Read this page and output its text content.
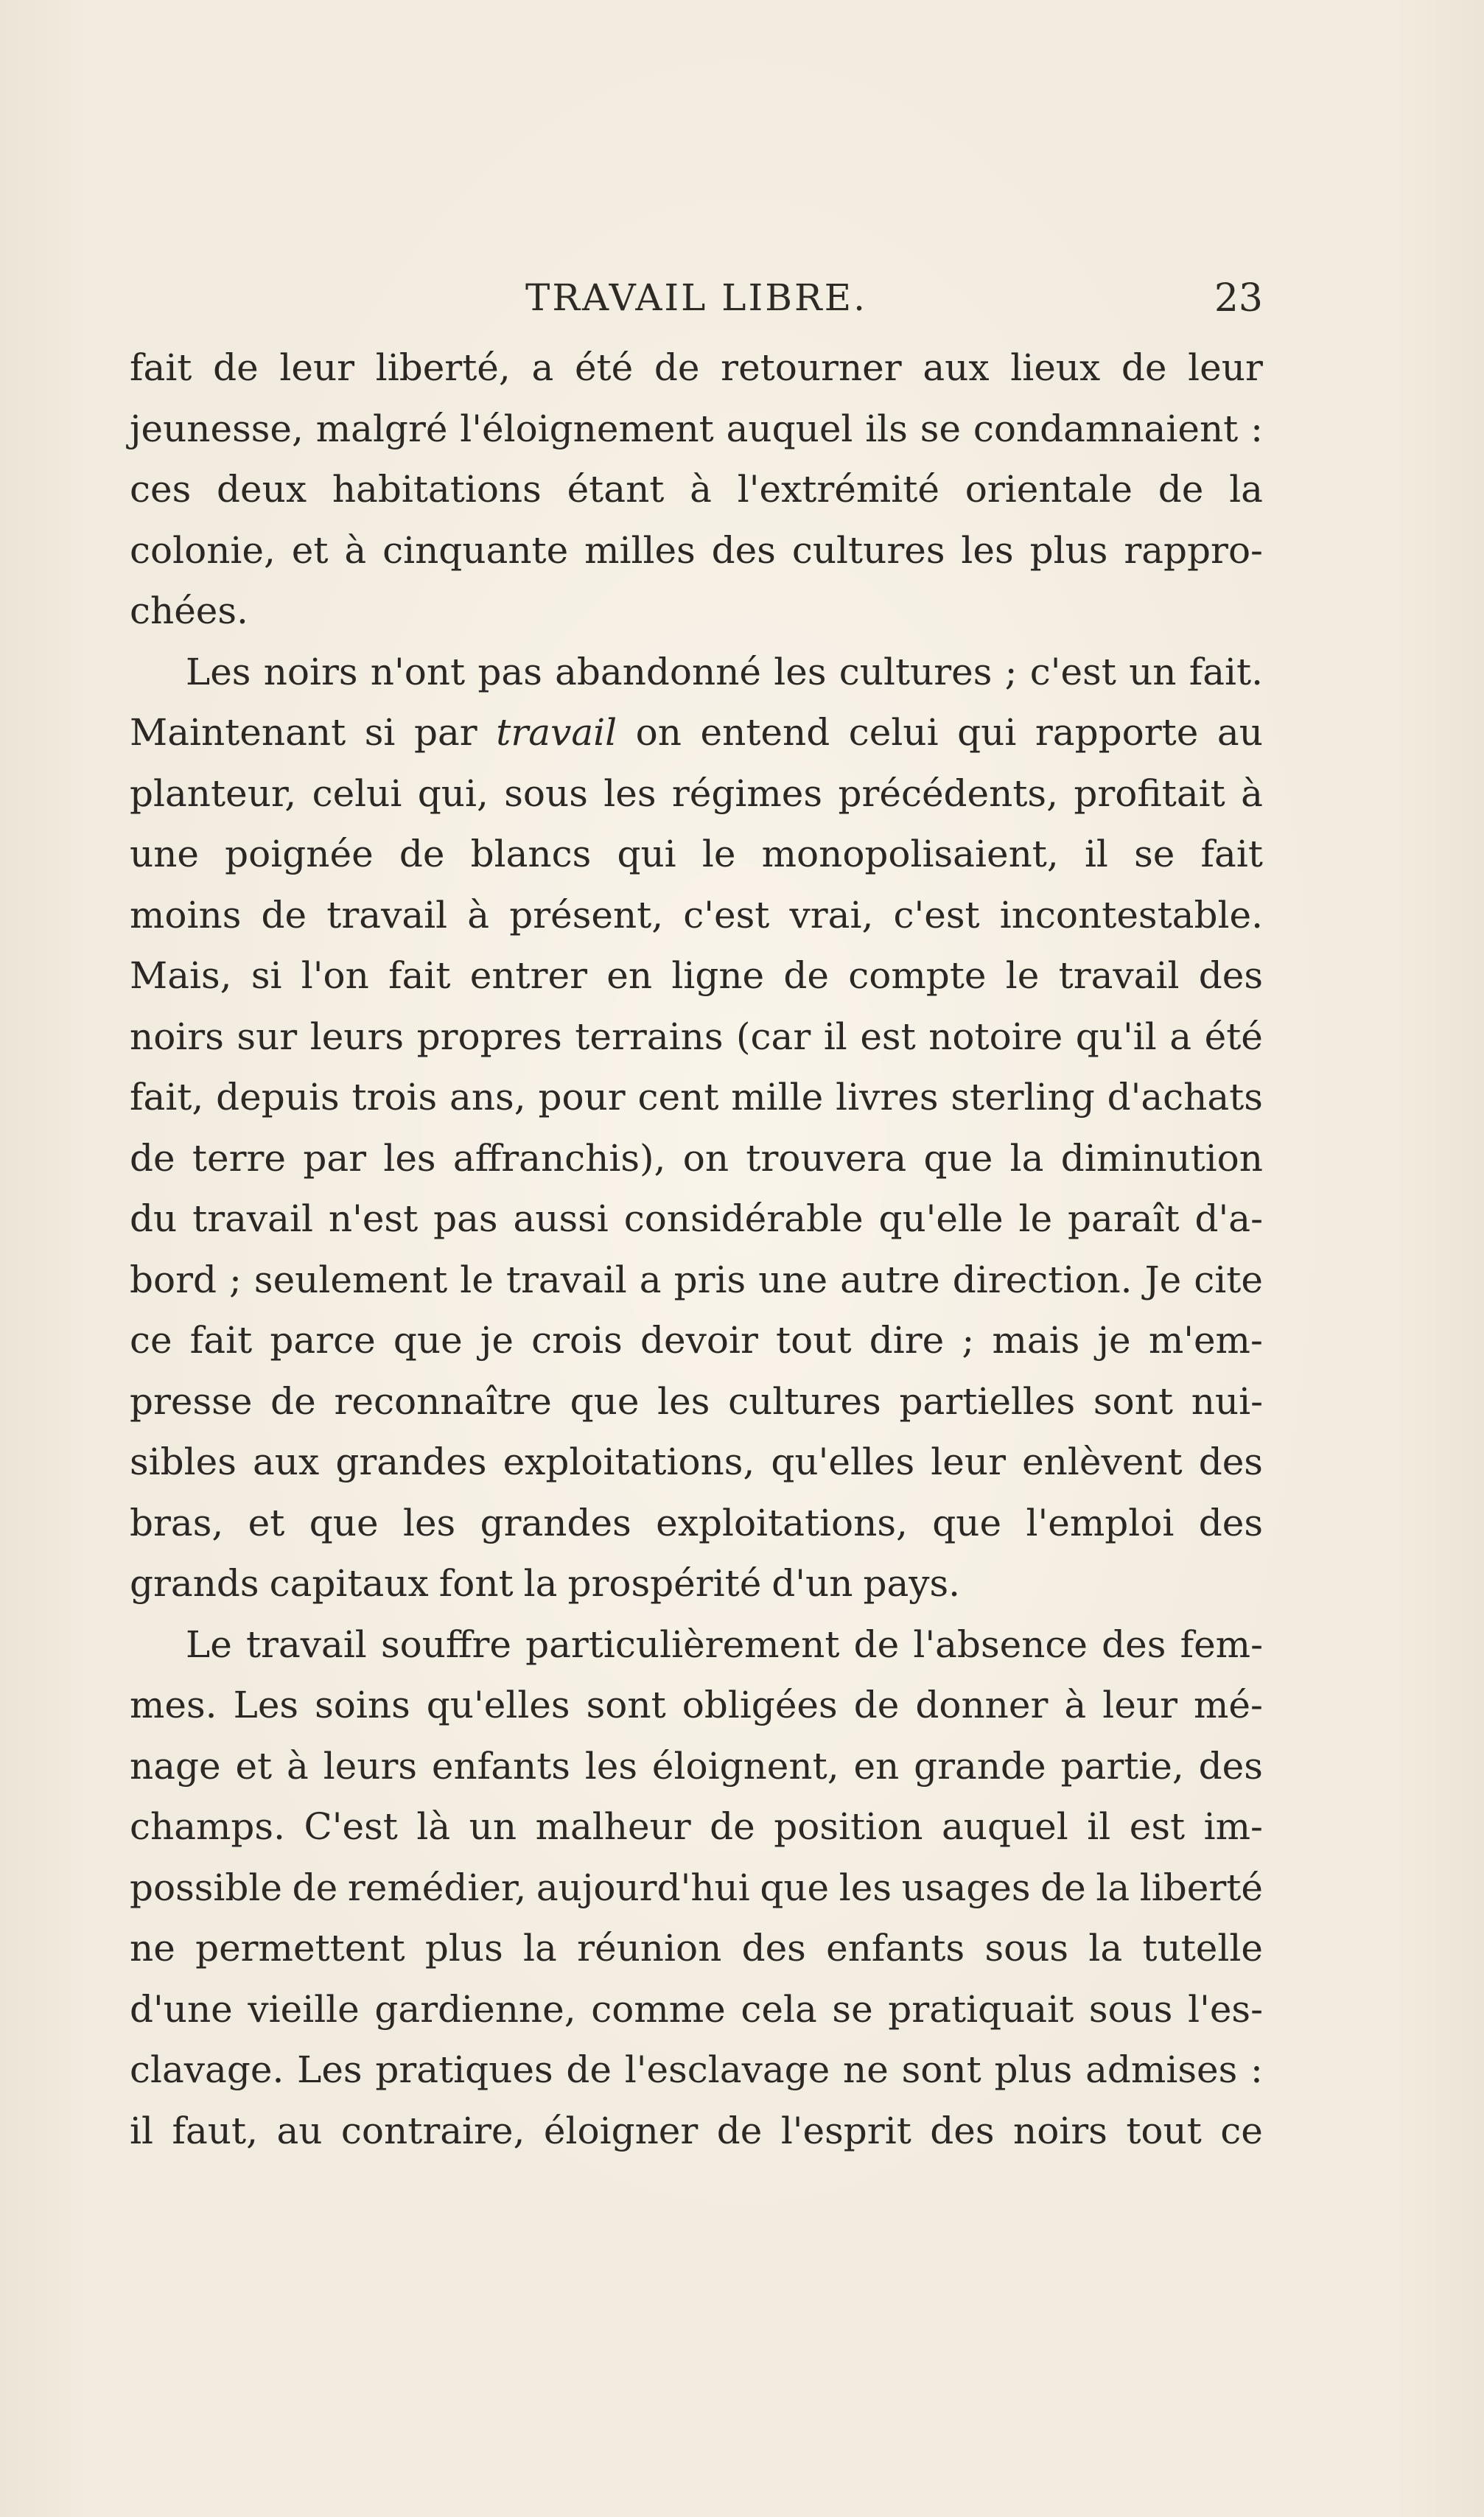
TRAVAIL LIBRE.	23
fait de leur liberté, a été de retourner aux lieux de leur
jeunesse, malgré l'éloignement auquel ils se condamnaient :
ces deux habitations étant à l'extrémité orientale de la
colonie, et à cinquante milles des cultures les plus rappro-
chées.
Les noirs n'ont pas abandonné les cultures ; c'est un fait.
Maintenant si par travail on entend celui qui rapporte au
planteur, celui qui, sous les régimes précédents, profitait à
une poignée de blancs qui le monopolisaient, il se fait
moins de travail à présent, c'est vrai, c'est incontestable.
Mais, si l'on fait entrer en ligne de compte le travail des
noirs sur leurs propres terrains (car il est notoire qu'il a été
fait, depuis trois ans, pour cent mille livres sterling d'achats
de terre par les affranchis), on trouvera que la diminution
du travail n'est pas aussi considérable qu'elle le paraît d'a-
bord ; seulement le travail a pris une autre direction. Je cite
ce fait parce que je crois devoir tout dire ; mais je m'em-
presse de reconnaître que les cultures partielles sont nui-
sibles aux grandes exploitations, qu'elles leur enlèvent des
bras, et que les grandes exploitations, que l'emploi des
grands capitaux font la prospérité d'un pays.
Le travail souffre particulièrement de l'absence des fem-
mes. Les soins qu'elles sont obligées de donner à leur mé-
nage et à leurs enfants les éloignent, en grande partie, des
champs. C'est là un malheur de position auquel il est im-
possible de remédier, aujourd'hui que les usages de la liberté
ne permettent plus la réunion des enfants sous la tutelle
d'une vieille gardienne, comme cela se pratiquait sous l'es-
clavage. Les pratiques de l'esclavage ne sont plus admises :
il faut, au contraire, éloigner de l'esprit des noirs tout ce
